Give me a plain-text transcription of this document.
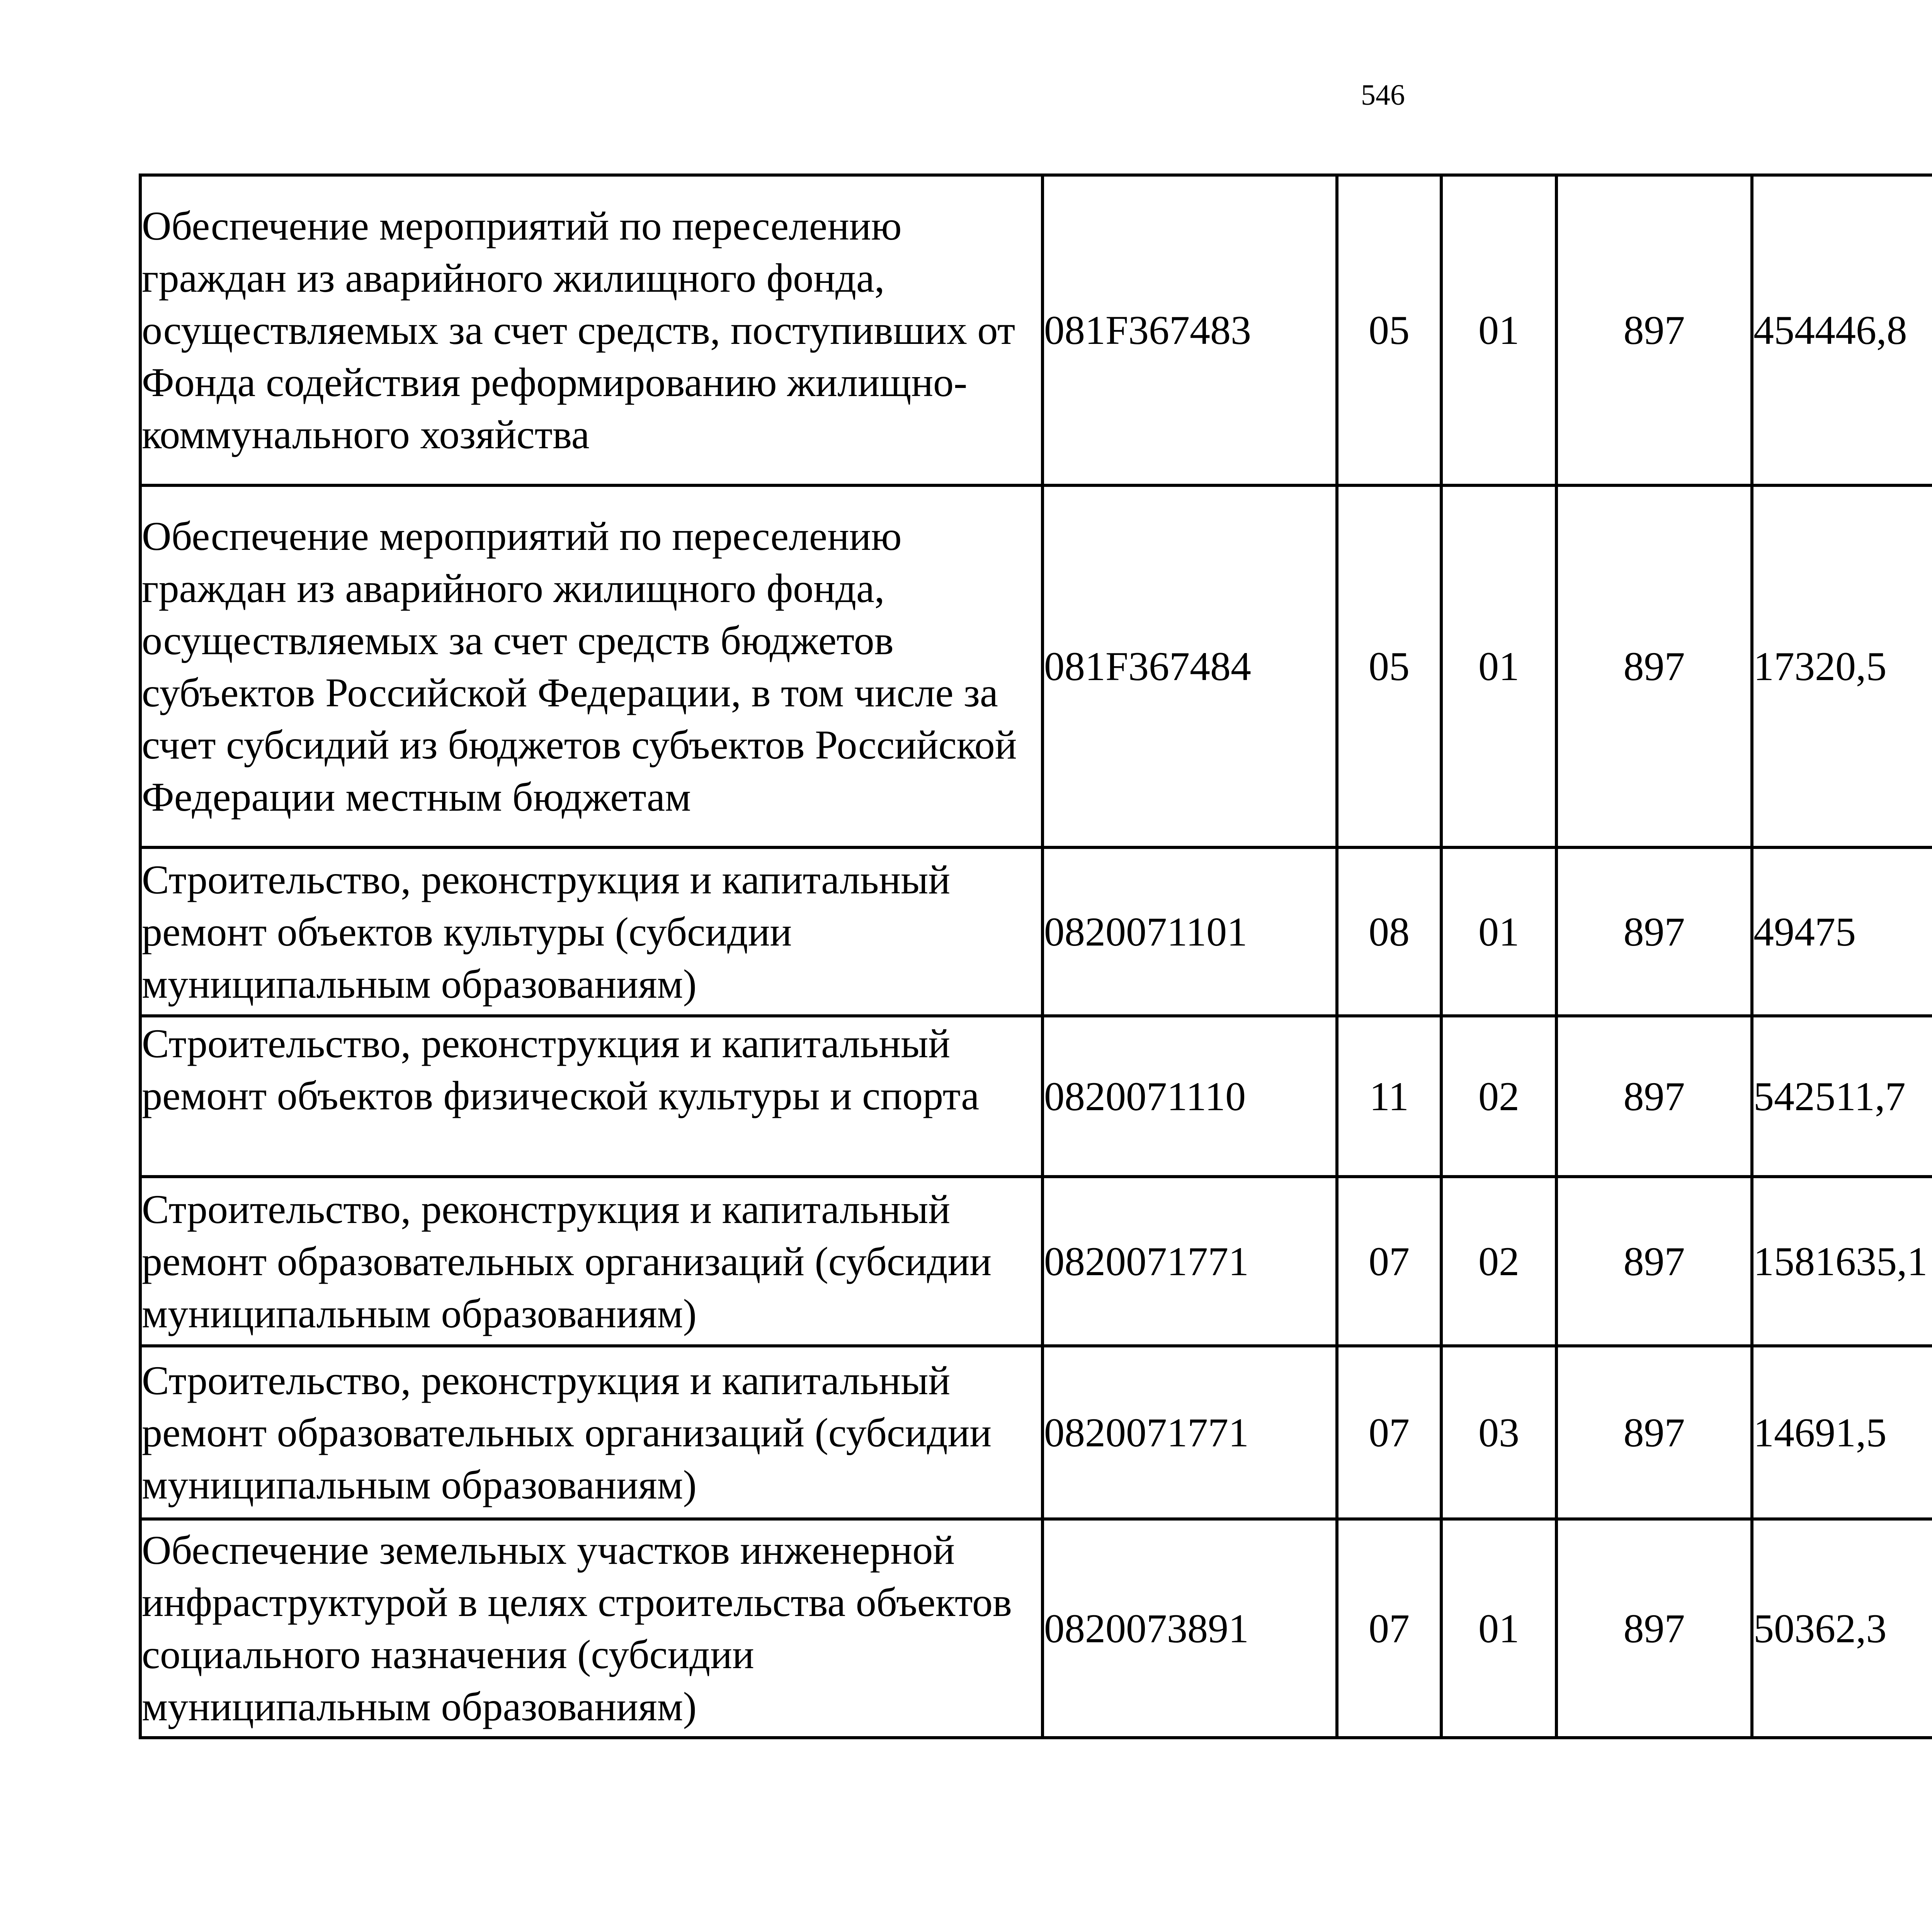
546
Обеспечение мероприятий по переселению граждан из аварийного жилищного фонда, осуществляемых за счет средств, поступивших от Фонда содействия реформированию жилищно-коммунального хозяйства	081F367483	05	01	897	454446,8		
Обеспечение мероприятий по переселению граждан из аварийного жилищного фонда, осуществляемых за счет средств бюджетов субъектов Российской Федерации, в том числе за счет субсидий из бюджетов субъектов Российской Федерации местным бюджетам	081F367484	05	01	897	17320,5		
Строительство, реконструкция и капитальный ремонт объектов культуры (субсидии муниципальным образованиям)	0820071101	08	01	897	49475		
Строительство, реконструкция и капитальный ремонт объектов физической культуры и спорта	0820071110	11	02	897	542511,7		
Строительство, реконструкция и капитальный ремонт образовательных организаций (субсидии муниципальным образованиям)	0820071771	07	02	897	1581635,1		
Строительство, реконструкция и капитальный ремонт образовательных организаций (субсидии муниципальным образованиям)	0820071771	07	03	897	14691,5		
Обеспечение земельных участков инженерной инфраструктурой в целях строительства объектов социального назначения (субсидии муниципальным образованиям)	0820073891	07	01	897	50362,3		
